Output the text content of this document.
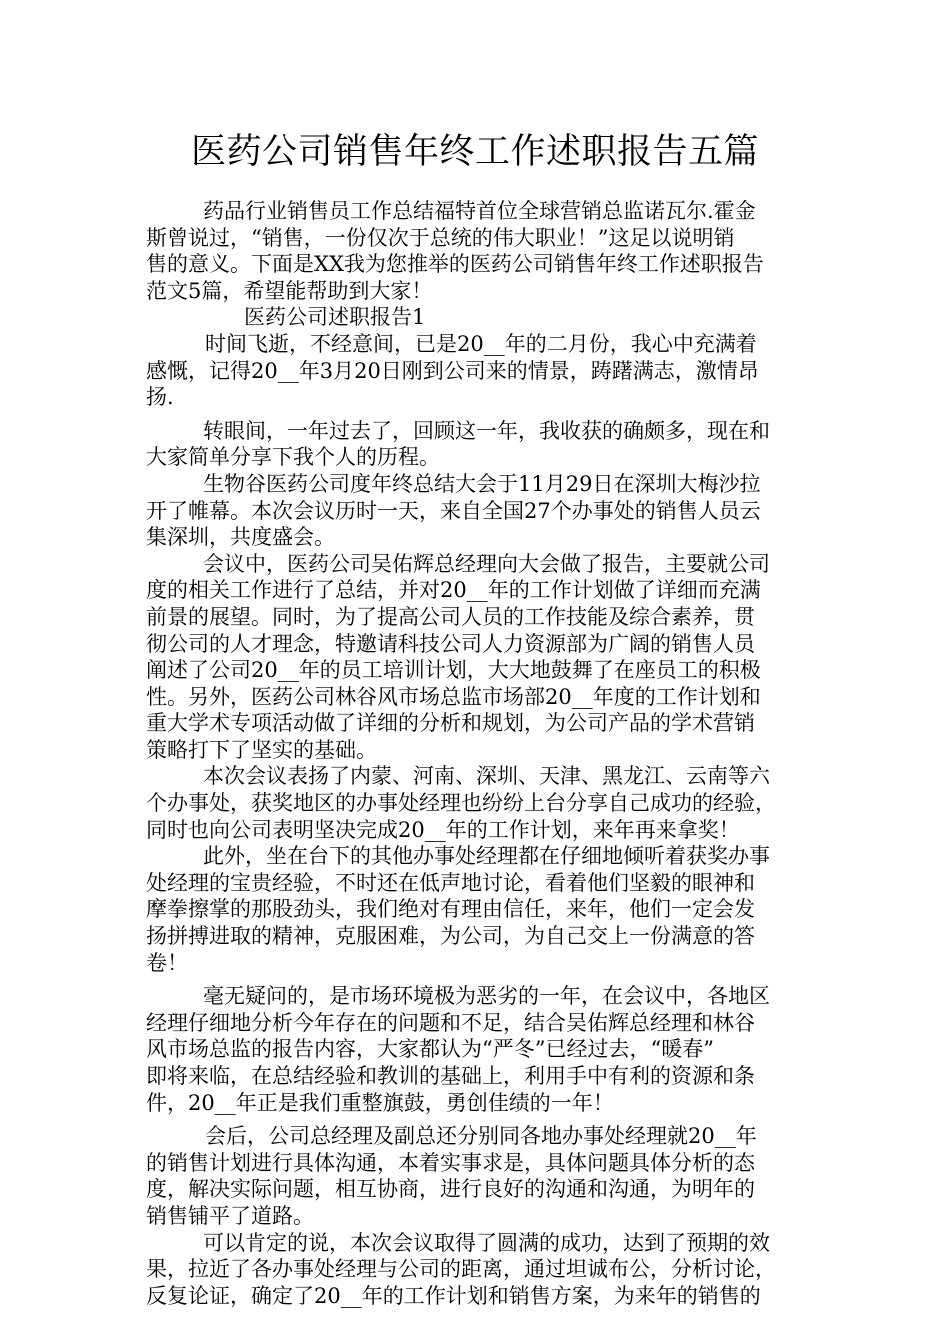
医药公司销售年终工作述职报告五篇
药品行业销售员工作总结福特首位全球营销总监诺瓦尔.霍金
斯曾说过，“销售，一份仅次于总统的伟大职业！”这足以说明销
售的意义。下面是XX我为您推举的医药公司销售年终工作述职报告
范文5篇，希望能帮助到大家！
医药公司述职报告1
时间飞逝，不经意间，已是20__年的二月份，我心中充满着
感慨，记得20__年3月20日刚到公司来的情景，踌躇满志，激情昂
扬.
转眼间，一年过去了，回顾这一年，我收获的确颇多，现在和
大家简单分享下我个人的历程。
生物谷医药公司度年终总结大会于11月29日在深圳大梅沙拉
开了帷幕。本次会议历时一天，来自全国27个办事处的销售人员云
集深圳，共度盛会。
会议中，医药公司吴佑辉总经理向大会做了报告，主要就公司
度的相关工作进行了总结，并对20__年的工作计划做了详细而充满
前景的展望。同时，为了提高公司人员的工作技能及综合素养，贯
彻公司的人才理念，特邀请科技公司人力资源部为广阔的销售人员
阐述了公司20__年的员工培训计划，大大地鼓舞了在座员工的积极
性。另外，医药公司林谷风市场总监市场部20__年度的工作计划和
重大学术专项活动做了详细的分析和规划，为公司产品的学术营销
策略打下了坚实的基础。
本次会议表扬了内蒙、河南、深圳、天津、黑龙江、云南等六
个办事处，获奖地区的办事处经理也纷纷上台分享自己成功的经验，
同时也向公司表明坚决完成20__年的工作计划，来年再来拿奖！
此外，坐在台下的其他办事处经理都在仔细地倾听着获奖办事
处经理的宝贵经验，不时还在低声地讨论，看着他们坚毅的眼神和
摩拳擦掌的那股劲头，我们绝对有理由信任，来年，他们一定会发
扬拼搏进取的精神，克服困难，为公司，为自己交上一份满意的答
卷！
毫无疑问的，是市场环境极为恶劣的一年，在会议中，各地区
经理仔细地分析今年存在的问题和不足，结合吴佑辉总经理和林谷
风市场总监的报告内容，大家都认为“严冬”已经过去，“暖春”
即将来临，在总结经验和教训的基础上，利用手中有利的资源和条
件，20__年正是我们重整旗鼓，勇创佳绩的一年！
会后，公司总经理及副总还分别同各地办事处经理就20__年
的销售计划进行具体沟通，本着实事求是，具体问题具体分析的态
度，解决实际问题，相互协商，进行良好的沟通和沟通，为明年的
销售铺平了道路。
可以肯定的说，本次会议取得了圆满的成功，达到了预期的效
果，拉近了各办事处经理与公司的距离，通过坦诚布公，分析讨论，
反复论证，确定了20__年的工作计划和销售方案，为来年的销售的
